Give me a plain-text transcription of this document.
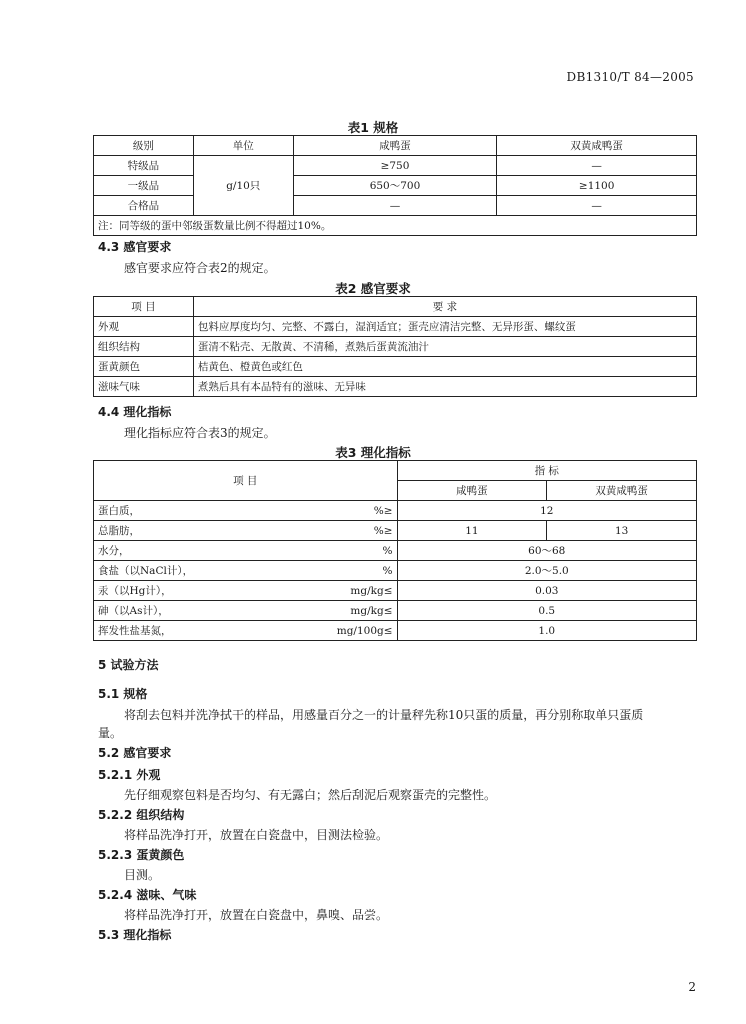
DB1310/T 84—2005
表1 规格
级别	单位	咸鸭蛋	双黄咸鸭蛋
特级品	g/10只	≥750	—
一级品		650～700	≥1100
合格品		—	—
注：同等级的蛋中邻级蛋数量比例不得超过10%。			
4.3 感官要求
感官要求应符合表2的规定。
表2 感官要求
项 目	要 求
外观	包料应厚度均匀、完整、不露白，湿润适宜；蛋壳应清洁完整、无异形蛋、螺纹蛋
组织结构	蛋清不粘壳、无散黄、不清稀，煮熟后蛋黄流油汁
蛋黄颜色	桔黄色、橙黄色或红色
滋味气味	煮熟后具有本品特有的滋味、无异味
4.4 理化指标
理化指标应符合表3的规定。
表3 理化指标
项 目		指 标	
		咸鸭蛋	双黄咸鸭蛋
蛋白质，	%≥	12	
总脂肪，	%≥	11	13
水分，	%	60～68	
食盐（以NaCl计），	%	2.0～5.0	
汞（以Hg计），	mg/kg≤	0.03	
砷（以As计），	mg/kg≤	0.5	
挥发性盐基氮，	mg/100g≤	1.0	
5 试验方法
5.1 规格
将刮去包料并洗净拭干的样品，用感量百分之一的计量秤先称10只蛋的质量，再分别称取单只蛋质
量。
5.2 感官要求
5.2.1 外观
先仔细观察包料是否均匀、有无露白；然后刮泥后观察蛋壳的完整性。
5.2.2 组织结构
将样品洗净打开，放置在白瓷盘中，目测法检验。
5.2.3 蛋黄颜色
目测。
5.2.4 滋味、气味
将样品洗净打开，放置在白瓷盘中，鼻嗅、品尝。
5.3 理化指标
2
